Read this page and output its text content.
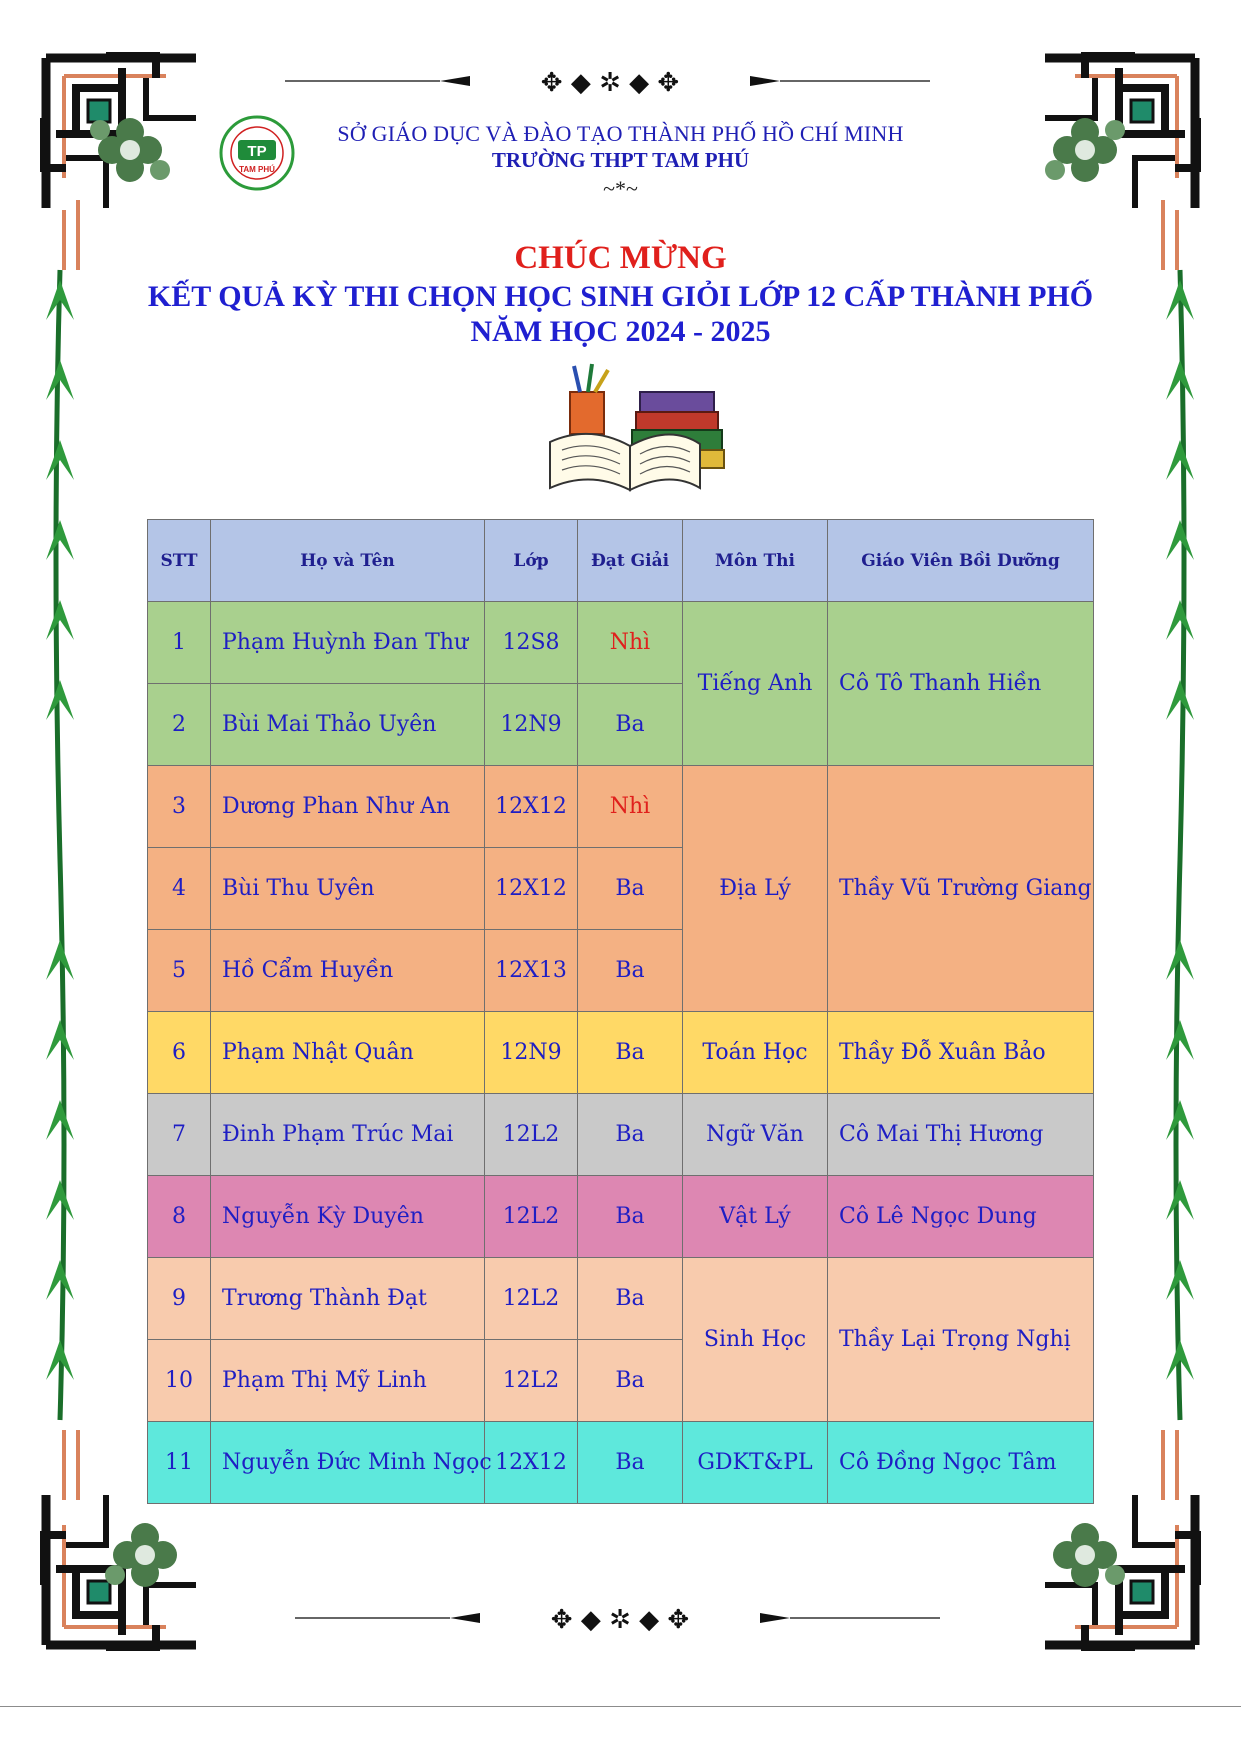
✥ ◆ ✲ ◆ ✥
✥ ◆ ✲ ◆ ✥
TP
TAM PHÚ
SỞ GIÁO DỤC VÀ ĐÀO TẠO THÀNH PHỐ HỒ CHÍ MINH
TRƯỜNG THPT TAM PHÚ
~*~
CHÚC MỪNG
KẾT QUẢ KỲ THI CHỌN HỌC SINH GIỎI LỚP 12 CẤP THÀNH PHỐ
NĂM HỌC 2024 - 2025
STT	Họ và Tên	Lớp	Đạt Giải	Môn Thi	Giáo Viên Bồi Dưỡng
1	Phạm Huỳnh Đan Thư	12S8	Nhì	Tiếng Anh	Cô Tô Thanh Hiền
2	Bùi Mai Thảo Uyên	12N9	Ba		
3	Dương Phan Như An	12X12	Nhì	Địa Lý	Thầy Vũ Trường Giang
4	Bùi Thu Uyên	12X12	Ba		
5	Hồ Cẩm Huyền	12X13	Ba		
6	Phạm Nhật Quân	12N9	Ba	Toán Học	Thầy Đỗ Xuân Bảo
7	Đinh Phạm Trúc Mai	12L2	Ba	Ngữ Văn	Cô Mai Thị Hương
8	Nguyễn Kỳ Duyên	12L2	Ba	Vật Lý	Cô Lê Ngọc Dung
9	Trương Thành Đạt	12L2	Ba	Sinh Học	Thầy Lại Trọng Nghị
10	Phạm Thị Mỹ Linh	12L2	Ba		
11	Nguyễn Đức Minh Ngọc	12X12	Ba	GDKT&PL	Cô Đồng Ngọc Tâm
